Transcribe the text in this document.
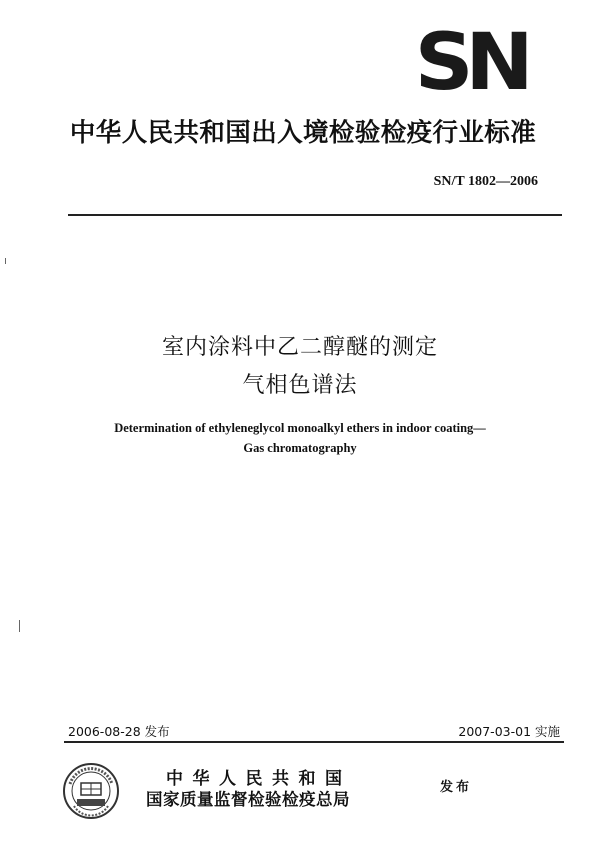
SN
中华人民共和国出入境检验检疫行业标准
SN/T 1802—2006
室内涂料中乙二醇醚的测定
气相色谱法
Determination of ethyleneglycol monoalkyl ethers in indoor coating—
Gas chromatography
2006-08-28 发布	2007-03-01 实施
中华人民共和国
国家质量监督检验检疫总局
发布
